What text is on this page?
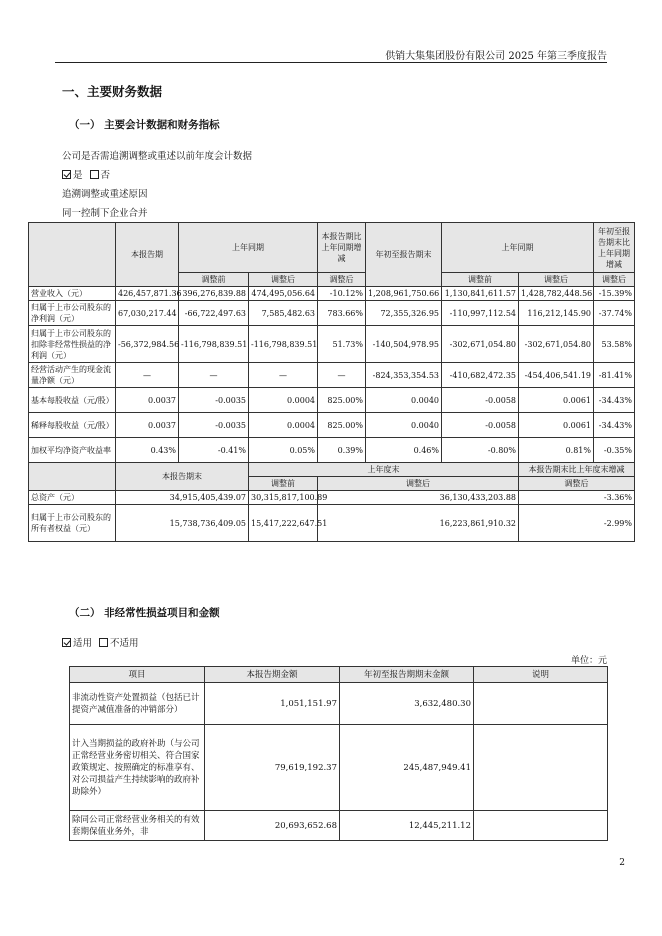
供销大集集团股份有限公司 2025 年第三季度报告
一、主要财务数据
（一） 主要会计数据和财务指标
公司是否需追溯调整或重述以前年度会计数据
是 否
追溯调整或重述原因
同一控制下企业合并
	本报告期	上年同期		本报告期比上年同期增减	年初至报告期末	上年同期		年初至报告期末比上年同期增减
		调整前	调整后	调整后		调整前	调整后	调整后
营业收入（元）	426,457,871.36	396,276,839.88	474,495,056.64	-10.12%	1,208,961,750.66	1,130,841,611.57	1,428,782,448.56	-15.39%
归属于上市公司股东的净利润（元）	67,030,217.44	-66,722,497.63	7,585,482.63	783.66%	72,355,326.95	-110,997,112.54	116,212,145.90	-37.74%
归属于上市公司股东的扣除非经常性损益的净利润（元）	-56,372,984.56	-116,798,839.51	-116,798,839.51	51.73%	-140,504,978.95	-302,671,054.80	-302,671,054.80	53.58%
经营活动产生的现金流量净额（元）	—	—	—	—	-824,353,354.53	-410,682,472.35	-454,406,541.19	-81.41%
基本每股收益（元/股）	0.0037	-0.0035	0.0004	825.00%	0.0040	-0.0058	0.0061	-34.43%
稀释每股收益（元/股）	0.0037	-0.0035	0.0004	825.00%	0.0040	-0.0058	0.0061	-34.43%
加权平均净资产收益率	0.43%	-0.41%	0.05%	0.39%	0.46%	-0.80%	0.81%	-0.35%
	本报告期末		上年度末				本报告期末比上年度末增减	
			调整前	调整后			调整后	
总资产（元）	34,915,405,439.07		30,315,817,100.89	36,130,433,203.88			-3.36%	
归属于上市公司股东的所有者权益（元）	15,738,736,409.05		15,417,222,647.51	16,223,861,910.32			-2.99%	
（二） 非经常性损益项目和金额
适用 不适用
单位：元
项目	本报告期金额	年初至报告期期末金额	说明
非流动性资产处置损益（包括已计提资产减值准备的冲销部分）	1,051,151.97	3,632,480.30	
计入当期损益的政府补助（与公司正常经营业务密切相关、符合国家政策规定、按照确定的标准享有、对公司损益产生持续影响的政府补助除外）	79,619,192.37	245,487,949.41	
除同公司正常经营业务相关的有效套期保值业务外，非	20,693,652.68	12,445,211.12	
2
